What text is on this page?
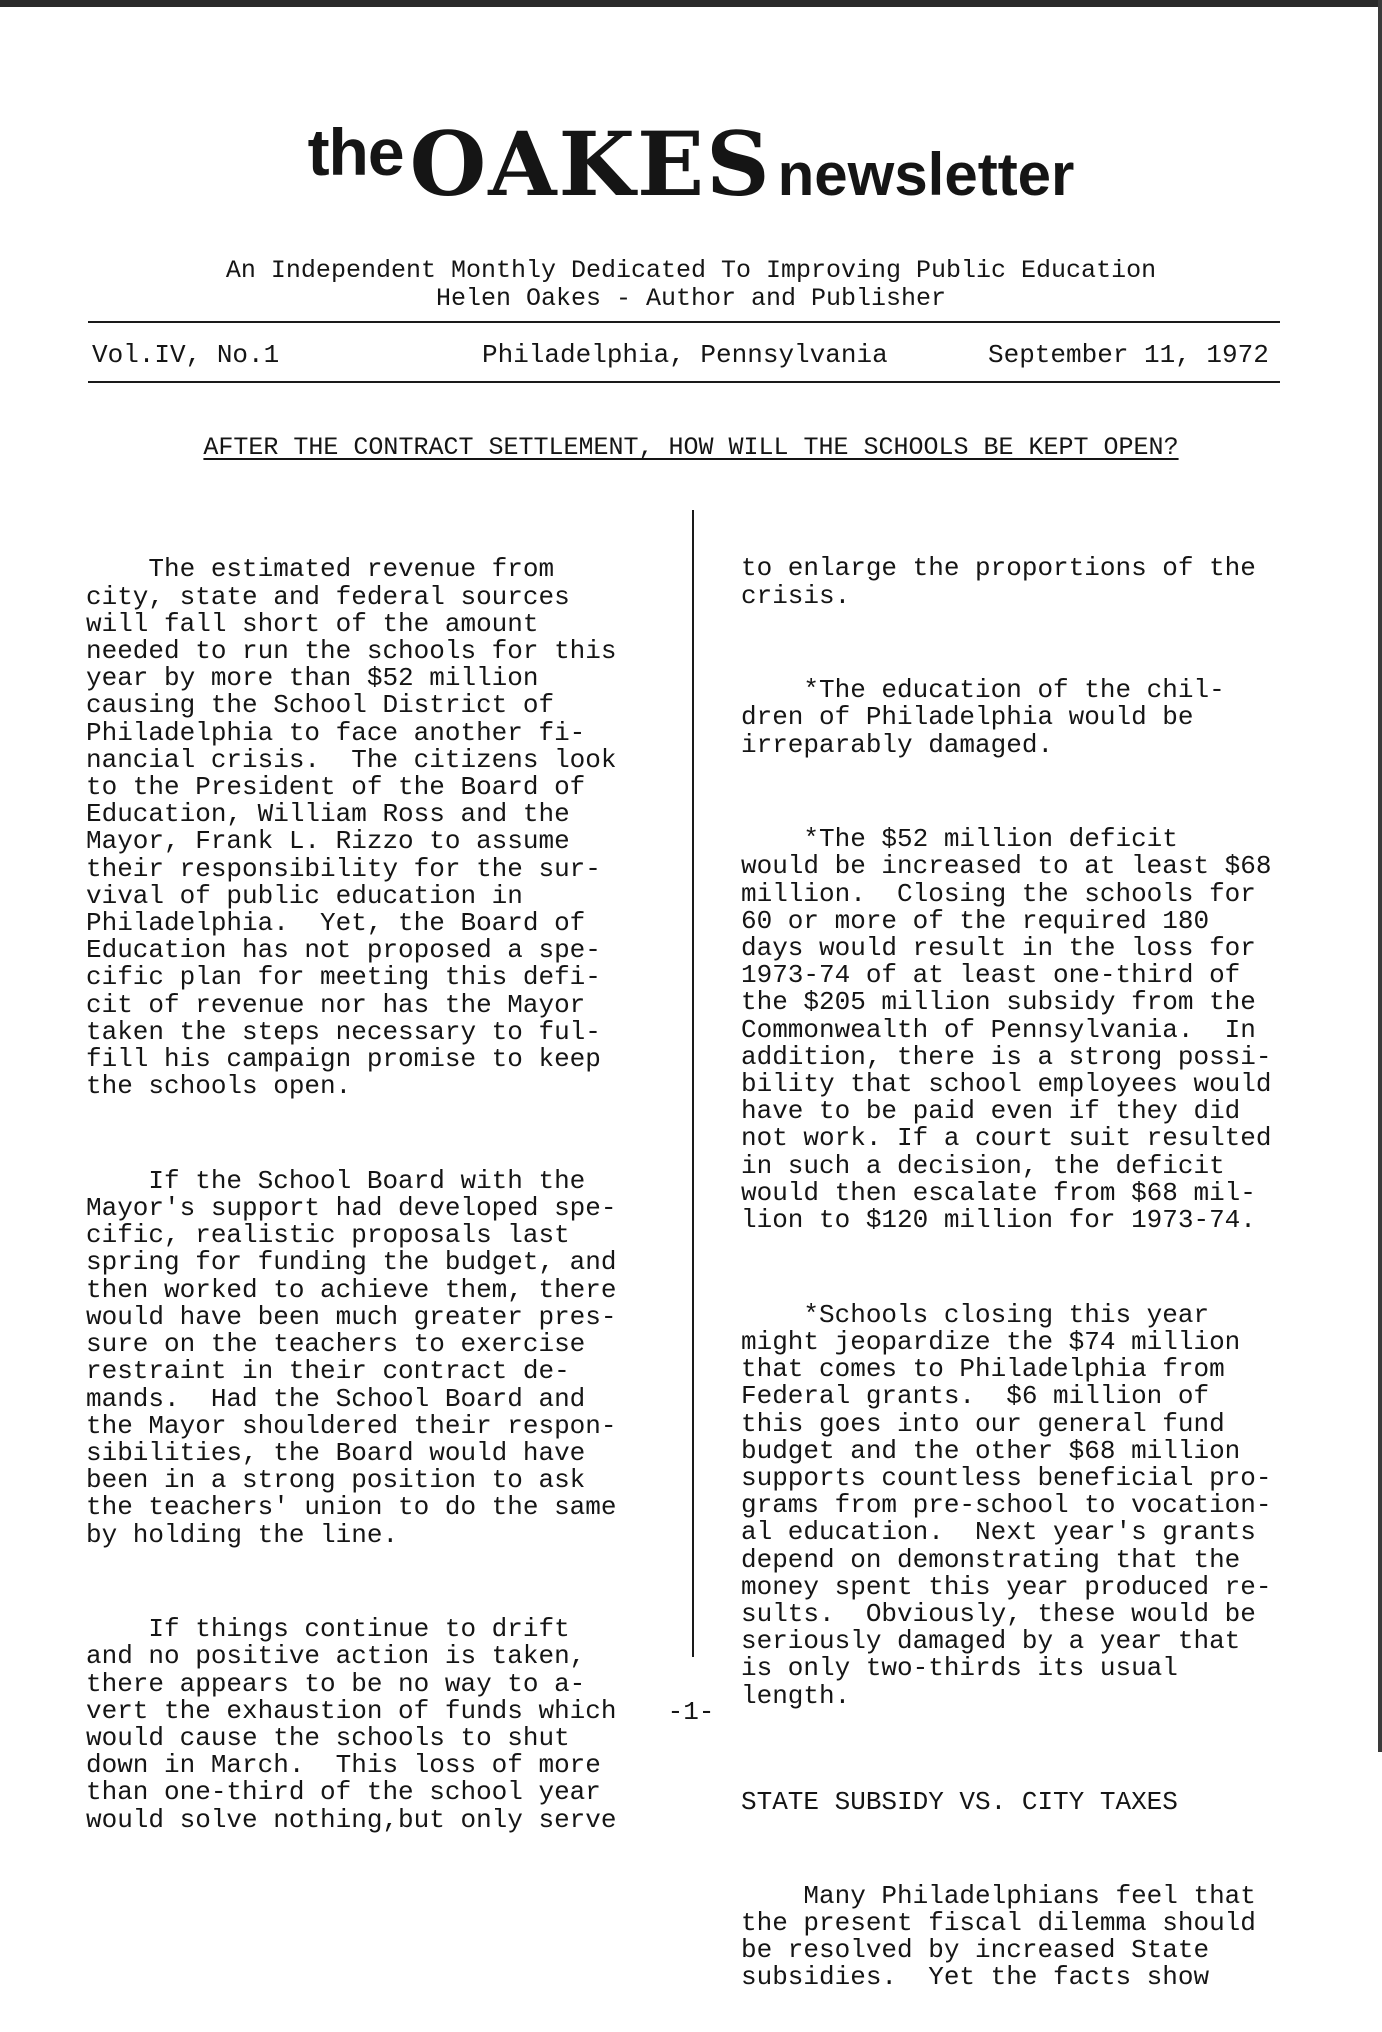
theOAKES newsletter
An Independent Monthly Dedicated To Improving Public Education
Helen Oakes - Author and Publisher
Vol.IV, No.1	Philadelphia, Pennsylvania	September 11, 1972
AFTER THE CONTRACT SETTLEMENT, HOW WILL THE SCHOOLS BE KEPT OPEN?

The estimated revenue from
city, state and federal sources
will fall short of the amount
needed to run the schools for this
year by more than $52 million
causing the School District of
Philadelphia to face another fi-
nancial crisis.  The citizens look
to the President of the Board of
Education, William Ross and the
Mayor, Frank L. Rizzo to assume
their responsibility for the sur-
vival of public education in
Philadelphia.  Yet, the Board of
Education has not proposed a spe-
cific plan for meeting this defi-
cit of revenue nor has the Mayor
taken the steps necessary to ful-
fill his campaign promise to keep
the schools open.

If the School Board with the
Mayor's support had developed spe-
cific, realistic proposals last
spring for funding the budget, and
then worked to achieve them, there
would have been much greater pres-
sure on the teachers to exercise
restraint in their contract de-
mands.  Had the School Board and
the Mayor shouldered their respon-
sibilities, the Board would have
been in a strong position to ask
the teachers' union to do the same
by holding the line.

If things continue to drift
and no positive action is taken,
there appears to be no way to a-
vert the exhaustion of funds which
would cause the schools to shut
down in March.  This loss of more
than one-third of the school year
would solve nothing,but only serve

to enlarge the proportions of the
crisis.

*The education of the chil-
dren of Philadelphia would be
irreparably damaged.

*The $52 million deficit
would be increased to at least $68
million.  Closing the schools for
60 or more of the required 180
days would result in the loss for
1973-74 of at least one-third of
the $205 million subsidy from the
Commonwealth of Pennsylvania.  In
addition, there is a strong possi-
bility that school employees would
have to be paid even if they did
not work. If a court suit resulted
in such a decision, the deficit
would then escalate from $68 mil-
lion to $120 million for 1973-74.

*Schools closing this year
might jeopardize the $74 million
that comes to Philadelphia from
Federal grants.  $6 million of
this goes into our general fund
budget and the other $68 million
supports countless beneficial pro-
grams from pre-school to vocation-
al education.  Next year's grants
depend on demonstrating that the
money spent this year produced re-
sults.  Obviously, these would be
seriously damaged by a year that
is only two-thirds its usual
length.

STATE SUBSIDY VS. CITY TAXES

Many Philadelphians feel that
the present fiscal dilemma should
be resolved by increased State
subsidies.  Yet the facts show

-1-
